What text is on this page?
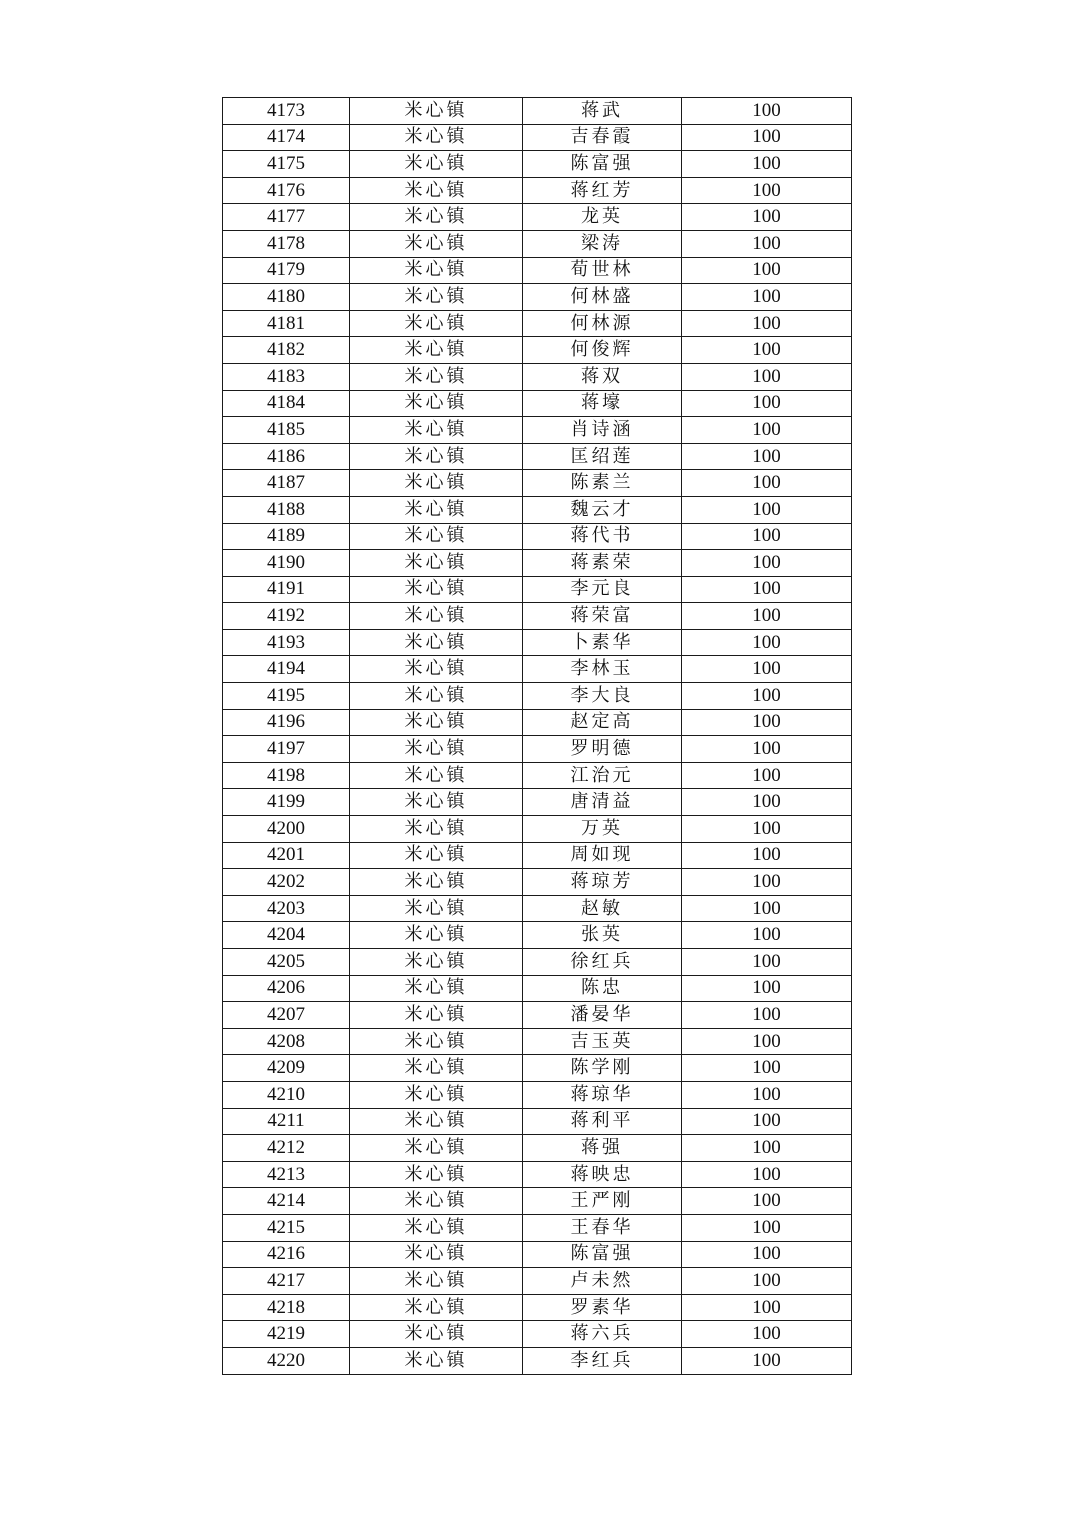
4173	米心镇	蒋武	100
4174	米心镇	吉春霞	100
4175	米心镇	陈富强	100
4176	米心镇	蒋红芳	100
4177	米心镇	龙英	100
4178	米心镇	梁涛	100
4179	米心镇	荀世林	100
4180	米心镇	何林盛	100
4181	米心镇	何林源	100
4182	米心镇	何俊辉	100
4183	米心镇	蒋双	100
4184	米心镇	蒋壕	100
4185	米心镇	肖诗涵	100
4186	米心镇	匡绍莲	100
4187	米心镇	陈素兰	100
4188	米心镇	魏云才	100
4189	米心镇	蒋代书	100
4190	米心镇	蒋素荣	100
4191	米心镇	李元良	100
4192	米心镇	蒋荣富	100
4193	米心镇	卜素华	100
4194	米心镇	李林玉	100
4195	米心镇	李大良	100
4196	米心镇	赵定高	100
4197	米心镇	罗明德	100
4198	米心镇	江治元	100
4199	米心镇	唐清益	100
4200	米心镇	万英	100
4201	米心镇	周如现	100
4202	米心镇	蒋琼芳	100
4203	米心镇	赵敏	100
4204	米心镇	张英	100
4205	米心镇	徐红兵	100
4206	米心镇	陈忠	100
4207	米心镇	潘晏华	100
4208	米心镇	吉玉英	100
4209	米心镇	陈学刚	100
4210	米心镇	蒋琼华	100
4211	米心镇	蒋利平	100
4212	米心镇	蒋强	100
4213	米心镇	蒋映忠	100
4214	米心镇	王严刚	100
4215	米心镇	王春华	100
4216	米心镇	陈富强	100
4217	米心镇	卢未然	100
4218	米心镇	罗素华	100
4219	米心镇	蒋六兵	100
4220	米心镇	李红兵	100
